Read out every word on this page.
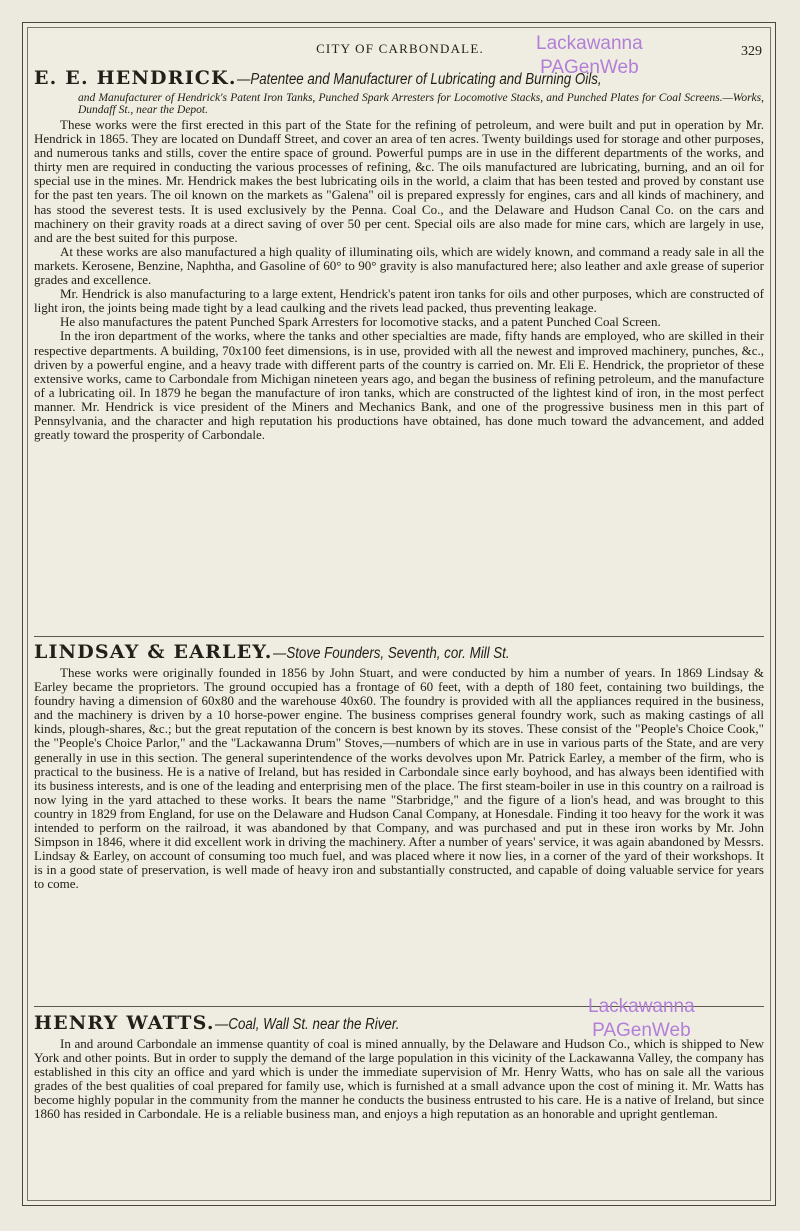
CITY OF CARBONDALE.	329
Lackawanna
PAGenWeb
E. E. HENDRICK.—Patentee and Manufacturer of Lubricating and Burning Oils,

and Manufacturer of Hendrick's Patent Iron Tanks, Punched Spark Arresters for Locomotive Stacks, and Punched Plates for Coal Screens.—Works, Dundaff St., near the Depot.

These works were the first erected in this part of the State for the refining of petroleum, and were built and put in operation by Mr. Hendrick in 1865. They are located on Dundaff Street, and cover an area of ten acres. Twenty buildings used for storage and other purposes, and numerous tanks and stills, cover the entire space of ground. Powerful pumps are in use in the different departments of the works, and thirty men are required in conducting the various processes of refining, &c. The oils manufactured are lubricating, burning, and an oil for special use in the mines. Mr. Hendrick makes the best lubricating oils in the world, a claim that has been tested and proved by constant use for the past ten years. The oil known on the markets as "Galena" oil is prepared expressly for engines, cars and all kinds of machinery, and has stood the severest tests. It is used exclusively by the Penna. Coal Co., and the Delaware and Hudson Canal Co. on the cars and machinery on their gravity roads at a direct saving of over 50 per cent. Special oils are also made for mine cars, which are largely in use, and are the best suited for this purpose.

At these works are also manufactured a high quality of illuminating oils, which are widely known, and command a ready sale in all the markets. Kerosene, Benzine, Naphtha, and Gasoline of 60° to 90° gravity is also manufactured here; also leather and axle grease of superior grades and excellence.

Mr. Hendrick is also manufacturing to a large extent, Hendrick's patent iron tanks for oils and other purposes, which are constructed of light iron, the joints being made tight by a lead caulking and the rivets lead packed, thus preventing leakage.

He also manufactures the patent Punched Spark Arresters for locomotive stacks, and a patent Punched Coal Screen.

In the iron department of the works, where the tanks and other specialties are made, fifty hands are employed, who are skilled in their respective departments. A building, 70x100 feet dimensions, is in use, provided with all the newest and improved machinery, punches, &c., driven by a powerful engine, and a heavy trade with different parts of the country is carried on. Mr. Eli E. Hendrick, the proprietor of these extensive works, came to Carbondale from Michigan nineteen years ago, and began the business of refining petroleum, and the manufacture of a lubricating oil. In 1879 he began the manufacture of iron tanks, which are constructed of the lightest kind of iron, in the most perfect manner. Mr. Hendrick is vice president of the Miners and Mechanics Bank, and one of the progressive business men in this part of Pennsylvania, and the character and high reputation his productions have obtained, has done much toward the advancement, and added greatly toward the prosperity of Carbondale.

LINDSAY & EARLEY.—Stove Founders, Seventh, cor. Mill St.

These works were originally founded in 1856 by John Stuart, and were conducted by him a number of years. In 1869 Lindsay & Earley became the proprietors. The ground occupied has a frontage of 60 feet, with a depth of 180 feet, containing two buildings, the foundry having a dimension of 60x80 and the warehouse 40x60. The foundry is provided with all the appliances required in the business, and the machinery is driven by a 10 horse-power engine. The business comprises general foundry work, such as making castings of all kinds, plough-shares, &c.; but the great reputation of the concern is best known by its stoves. These consist of the "People's Choice Cook," the "People's Choice Parlor," and the "Lackawanna Drum" Stoves,—numbers of which are in use in various parts of the State, and are very generally in use in this section. The general superintendence of the works devolves upon Mr. Patrick Earley, a member of the firm, who is practical to the business. He is a native of Ireland, but has resided in Carbondale since early boyhood, and has always been identified with its business interests, and is one of the leading and enterprising men of the place. The first steam-boiler in use in this country on a railroad is now lying in the yard attached to these works. It bears the name "Starbridge," and the figure of a lion's head, and was brought to this country in 1829 from England, for use on the Delaware and Hudson Canal Company, at Honesdale. Finding it too heavy for the work it was intended to perform on the railroad, it was abandoned by that Company, and was purchased and put in these iron works by Mr. John Simpson in 1846, where it did excellent work in driving the machinery. After a number of years' service, it was again abandoned by Messrs. Lindsay & Earley, on account of consuming too much fuel, and was placed where it now lies, in a corner of the yard of their workshops. It is in a good state of preservation, is well made of heavy iron and substantially constructed, and capable of doing valuable service for years to come.

HENRY WATTS.—Coal, Wall St. near the River.

In and around Carbondale an immense quantity of coal is mined annually, by the Delaware and Hudson Co., which is shipped to New York and other points. But in order to supply the demand of the large population in this vicinity of the Lackawanna Valley, the company has established in this city an office and yard which is under the immediate supervision of Mr. Henry Watts, who has on sale all the various grades of the best qualities of coal prepared for family use, which is furnished at a small advance upon the cost of mining it. Mr. Watts has become highly popular in the community from the manner he conducts the business entrusted to his care. He is a native of Ireland, but since 1860 has resided in Carbondale. He is a reliable business man, and enjoys a high reputation as an honorable and upright gentleman.

Lackawanna
PAGenWeb
